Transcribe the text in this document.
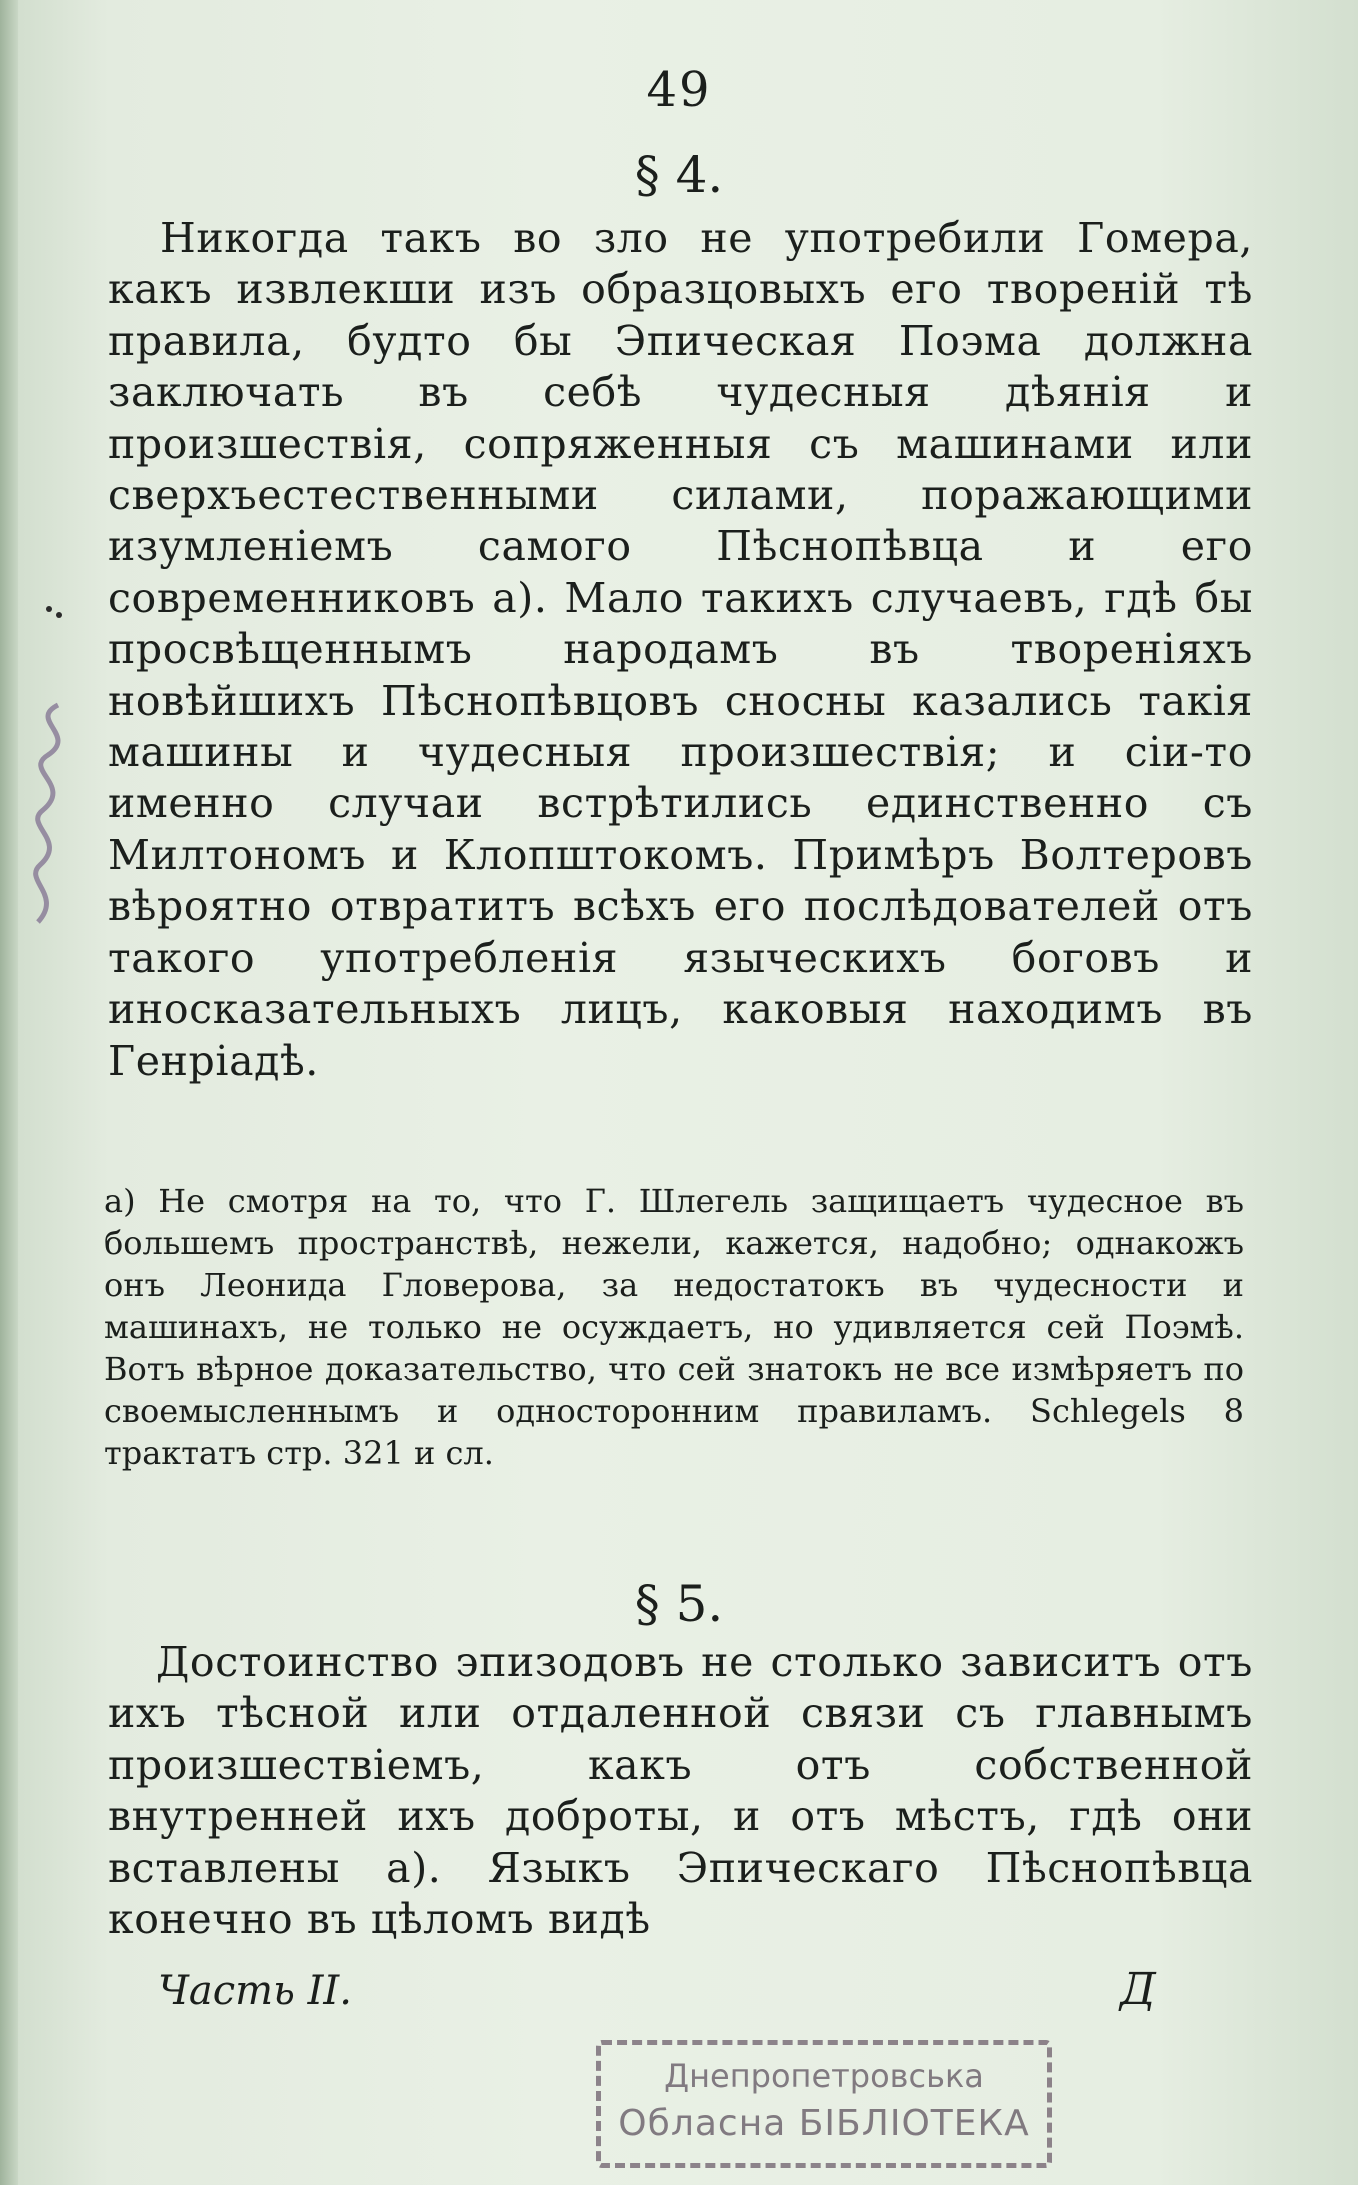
49
§ 4.
Никогда такъ во зло не употребили Гомера, какъ извлекши изъ образцовыхъ его твореній тѣ правила, будто бы Эпическая Поэма должна заключать въ себѣ чудесныя дѣянія и произшествія, сопряженныя съ машинами или сверхъестественными силами, поражающими изумленіемъ самого Пѣснопѣвца и его современниковъ а). Мало такихъ случаевъ, гдѣ бы просвѣщеннымъ народамъ въ твореніяхъ новѣйшихъ Пѣснопѣвцовъ сносны казались такія машины и чудесныя произшествія; и сіи-то именно случаи встрѣтились единственно съ Милтономъ и Клопштокомъ. Примѣръ Волтеровъ вѣроятно отвратитъ всѣхъ его послѣдователей отъ такого употребленія языческихъ боговъ и иносказательныхъ лицъ, каковыя находимъ въ Генріадѣ.
а) Не смотря на то, что Г. Шлегель защищаетъ чудесное въ большемъ пространствѣ, нежели, кажется, надобно; однакожъ онъ Леонида Гловерова, за недостатокъ въ чудесности и машинахъ, не только не осуждаетъ, но удивляется сей Поэмѣ. Вотъ вѣрное доказательство, что сей знатокъ не все измѣряетъ по своемысленнымъ и односторонним правиламъ. Schlegels 8 трактатъ стр. 321 и сл.
§ 5.
Достоинство эпизодовъ не столько зависитъ отъ ихъ тѣсной или отдаленной связи съ главнымъ произшествіемъ, какъ отъ собственной внутренней ихъ доброты, и отъ мѣстъ, гдѣ они вставлены а). Языкъ Эпическаго Пѣснопѣвца конечно въ цѣломъ видѣ
Часть II.	Д
Днепропетровська
Обласна БІБЛІОТЕКА
